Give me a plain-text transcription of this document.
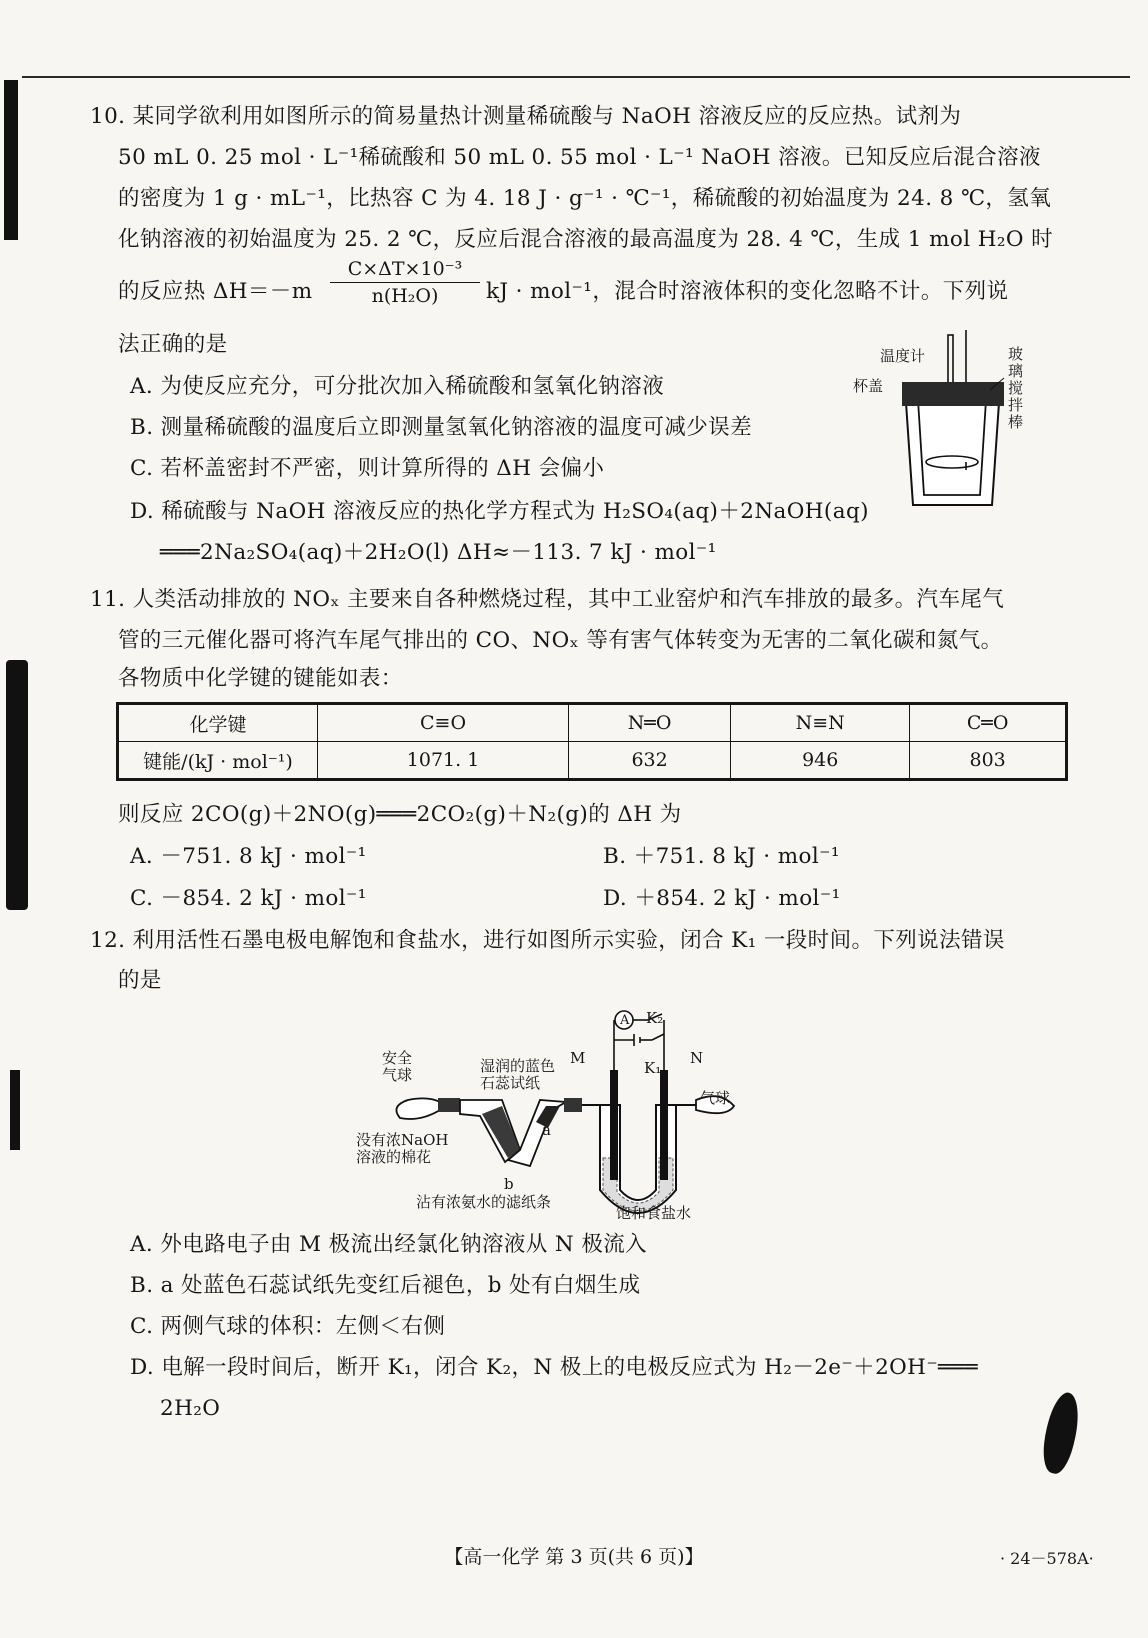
10. 某同学欲利用如图所示的简易量热计测量稀硫酸与 NaOH 溶液反应的反应热。试剂为
50 mL 0. 25 mol · L⁻¹稀硫酸和 50 mL 0. 55 mol · L⁻¹ NaOH 溶液。已知反应后混合溶液
的密度为 1 g · mL⁻¹，比热容 C 为 4. 18 J · g⁻¹ · ℃⁻¹，稀硫酸的初始温度为 24. 8 ℃，氢氧
化钠溶液的初始温度为 25. 2 ℃，反应后混合溶液的最高温度为 28. 4 ℃，生成 1 mol H₂O 时
的反应热 ΔH＝－m
C×ΔT×10⁻³
n(H₂O)	kJ · mol⁻¹，混合时溶液体积的变化忽略不计。下列说
法正确的是
A. 为使反应充分，可分批次加入稀硫酸和氢氧化钠溶液
B. 测量稀硫酸的温度后立即测量氢氧化钠溶液的温度可减少误差
C. 若杯盖密封不严密，则计算所得的 ΔH 会偏小
D. 稀硫酸与 NaOH 溶液反应的热化学方程式为 H₂SO₄(aq)＋2NaOH(aq)
═══2Na₂SO₄(aq)＋2H₂O(l) ΔH≈－113. 7 kJ · mol⁻¹
温度计
杯盖
玻璃搅拌棒
11. 人类活动排放的 NOₓ 主要来自各种燃烧过程，其中工业窑炉和汽车排放的最多。汽车尾气
管的三元催化器可将汽车尾气排出的 CO、NOₓ 等有害气体转变为无害的二氧化碳和氮气。
各物质中化学键的键能如表：
化学键	C≡O	N═O	N≡N	C═O
键能/(kJ · mol⁻¹)	1071. 1	632	946	803
则反应 2CO(g)＋2NO(g)═══2CO₂(g)＋N₂(g)的 ΔH 为
A. －751. 8 kJ · mol⁻¹	B. ＋751. 8 kJ · mol⁻¹
C. －854. 2 kJ · mol⁻¹	D. ＋854. 2 kJ · mol⁻¹
12. 利用活性石墨电极电解饱和食盐水，进行如图所示实验，闭合 K₁ 一段时间。下列说法错误
的是
A
安全气球
没有浓NaOH溶液的棉花
湿润的蓝色石蕊试纸
a
b
沾有浓氨水的滤纸条
M	N
K₁
K₂
气球
饱和食盐水
A. 外电路电子由 M 极流出经氯化钠溶液从 N 极流入
B. a 处蓝色石蕊试纸先变红后褪色，b 处有白烟生成
C. 两侧气球的体积：左侧＜右侧
D. 电解一段时间后，断开 K₁，闭合 K₂，N 极上的电极反应式为 H₂－2e⁻＋2OH⁻═══
2H₂O
【高一化学 第 3 页(共 6 页)】	· 24－578A·
